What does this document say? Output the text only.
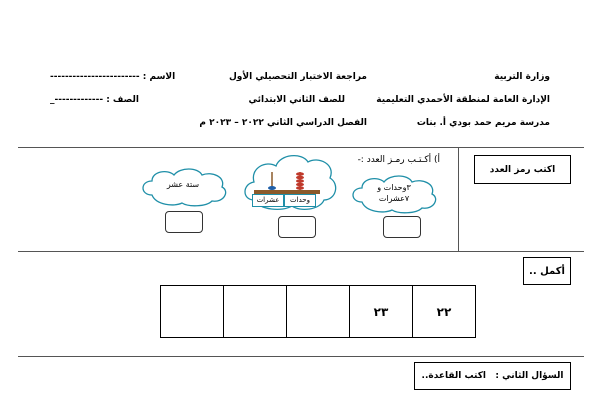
وزارة التربية
الإدارة العامة لمنطقة الأحمدي التعليمية
مدرسة مريم حمد بودي أ. بنات
مراجعة الاختبار التحصيلي الأول
للصف الثاني الابتدائي
الفصل الدراسي الثاني ٢٠٢٢ – ٢٠٢٣ م
الاسم : ------------------------
الصف : -------------_
اكتب رمز العدد
أ) أكـتـب رمـز العدد :-
٣وحدات و
٧عشرات
عشرات	وحدات
ستة عشر
أكمل ..
٢٢
٢٣
السؤال الثاني :   اكتب القاعدة..
